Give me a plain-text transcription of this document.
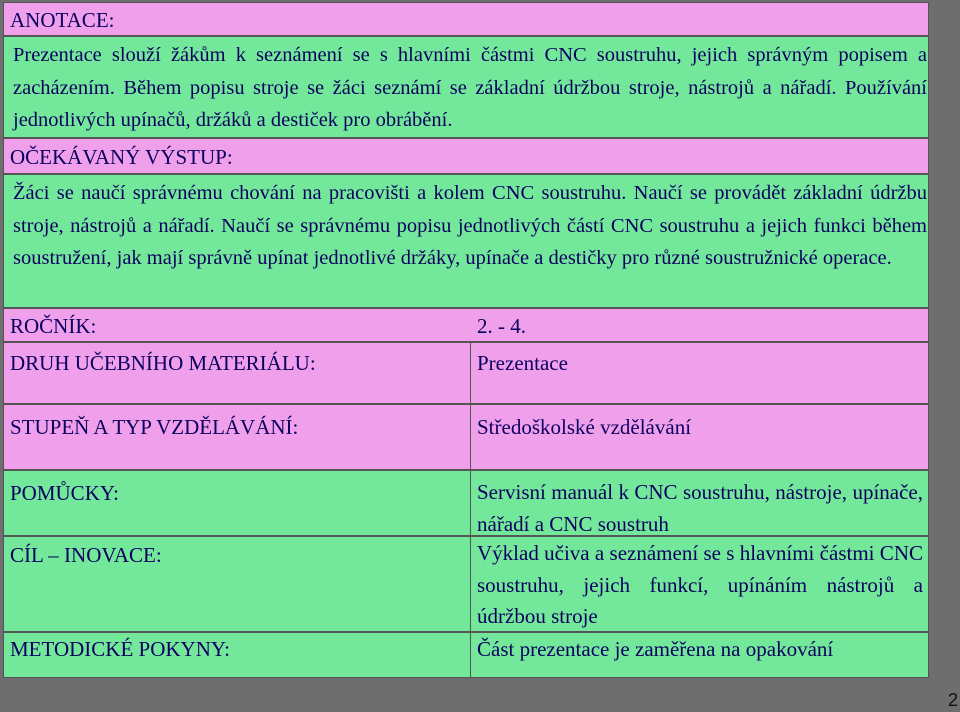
ANOTACE:
Prezentace slouží žákům k seznámení se s hlavními částmi CNC soustruhu, jejich správným popisem a zacházením. Během popisu stroje se žáci seznámí se základní údržbou stroje, nástrojů a nářadí. Používání jednotlivých upínačů, držáků a destiček pro obrábění.
OČEKÁVANÝ VÝSTUP:
Žáci se naučí správnému chování na pracovišti a kolem CNC soustruhu. Naučí se provádět základní údržbu stroje, nástrojů a nářadí. Naučí se správnému popisu jednotlivých částí CNC soustruhu a jejich funkci během soustružení, jak mají správně upínat jednotlivé držáky, upínače a destičky pro různé soustružnické operace.
ROČNÍK:	2. - 4.
DRUH UČEBNÍHO MATERIÁLU:	Prezentace
STUPEŇ A TYP VZDĚLÁVÁNÍ:	Středoškolské vzdělávání
POMŮCKY:	Servisní manuál k CNC soustruhu, nástroje, upínače, nářadí a CNC soustruh
CÍL – INOVACE:	Výklad učiva a seznámení se s hlavními částmi CNC soustruhu, jejich funkcí, upínáním nástrojů a údržbou stroje
METODICKÉ POKYNY:	Část prezentace je zaměřena na opakování
2
